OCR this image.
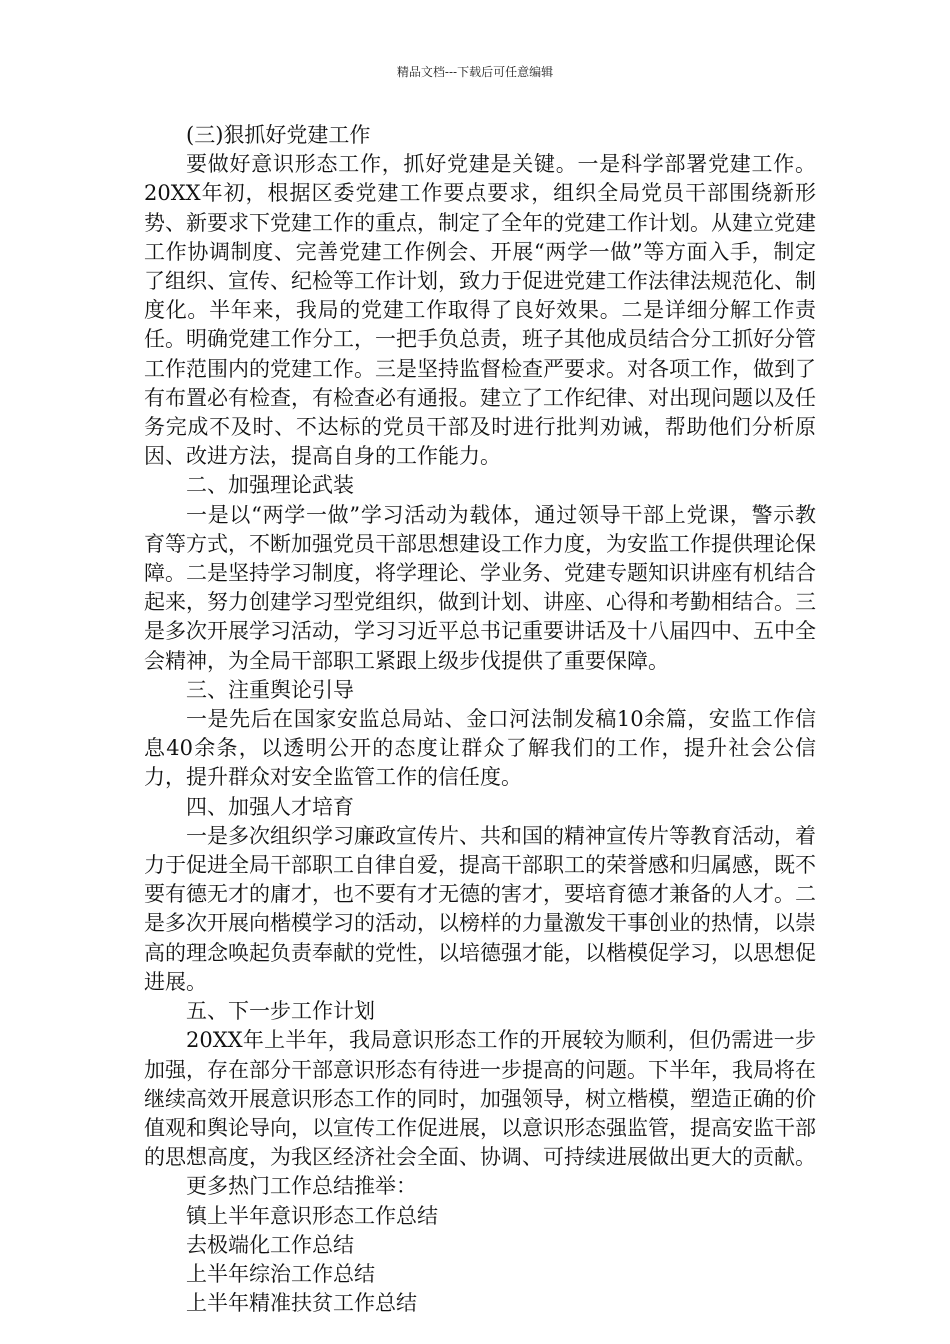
精品文档---下载后可任意编辑

(三)狠抓好党建工作

要做好意识形态工作，抓好党建是关键。一是科学部署党建工作。20XX年初，根据区委党建工作要点要求，组织全局党员干部围绕新形势、新要求下党建工作的重点，制定了全年的党建工作计划。从建立党建工作协调制度、完善党建工作例会、开展“两学一做”等方面入手，制定了组织、宣传、纪检等工作计划，致力于促进党建工作法律法规范化、制度化。半年来，我局的党建工作取得了良好效果。二是详细分解工作责任。明确党建工作分工，一把手负总责，班子其他成员结合分工抓好分管工作范围内的党建工作。三是坚持监督检查严要求。对各项工作，做到了有布置必有检查，有检查必有通报。建立了工作纪律、对出现问题以及任务完成不及时、不达标的党员干部及时进行批判劝诫，帮助他们分析原因、改进方法，提高自身的工作能力。

二、加强理论武装

一是以“两学一做”学习活动为载体，通过领导干部上党课，警示教育等方式，不断加强党员干部思想建设工作力度，为安监工作提供理论保障。二是坚持学习制度，将学理论、学业务、党建专题知识讲座有机结合起来，努力创建学习型党组织，做到计划、讲座、心得和考勤相结合。三是多次开展学习活动，学习习近平总书记重要讲话及十八届四中、五中全会精神，为全局干部职工紧跟上级步伐提供了重要保障。

三、注重舆论引导

一是先后在国家安监总局站、金口河法制发稿10余篇，安监工作信息40余条，以透明公开的态度让群众了解我们的工作，提升社会公信力，提升群众对安全监管工作的信任度。

四、加强人才培育

一是多次组织学习廉政宣传片、共和国的精神宣传片等教育活动，着力于促进全局干部职工自律自爱，提高干部职工的荣誉感和归属感，既不要有德无才的庸才，也不要有才无德的害才，要培育德才兼备的人才。二是多次开展向楷模学习的活动，以榜样的力量激发干事创业的热情，以崇高的理念唤起负责奉献的党性，以培德强才能，以楷模促学习，以思想促进展。

五、下一步工作计划

20XX年上半年，我局意识形态工作的开展较为顺利，但仍需进一步加强，存在部分干部意识形态有待进一步提高的问题。下半年，我局将在继续高效开展意识形态工作的同时，加强领导，树立楷模，塑造正确的价值观和舆论导向，以宣传工作促进展，以意识形态强监管，提高安监干部的思想高度，为我区经济社会全面、协调、可持续进展做出更大的贡献。

更多热门工作总结推举：

镇上半年意识形态工作总结

去极端化工作总结

上半年综治工作总结

上半年精准扶贫工作总结
